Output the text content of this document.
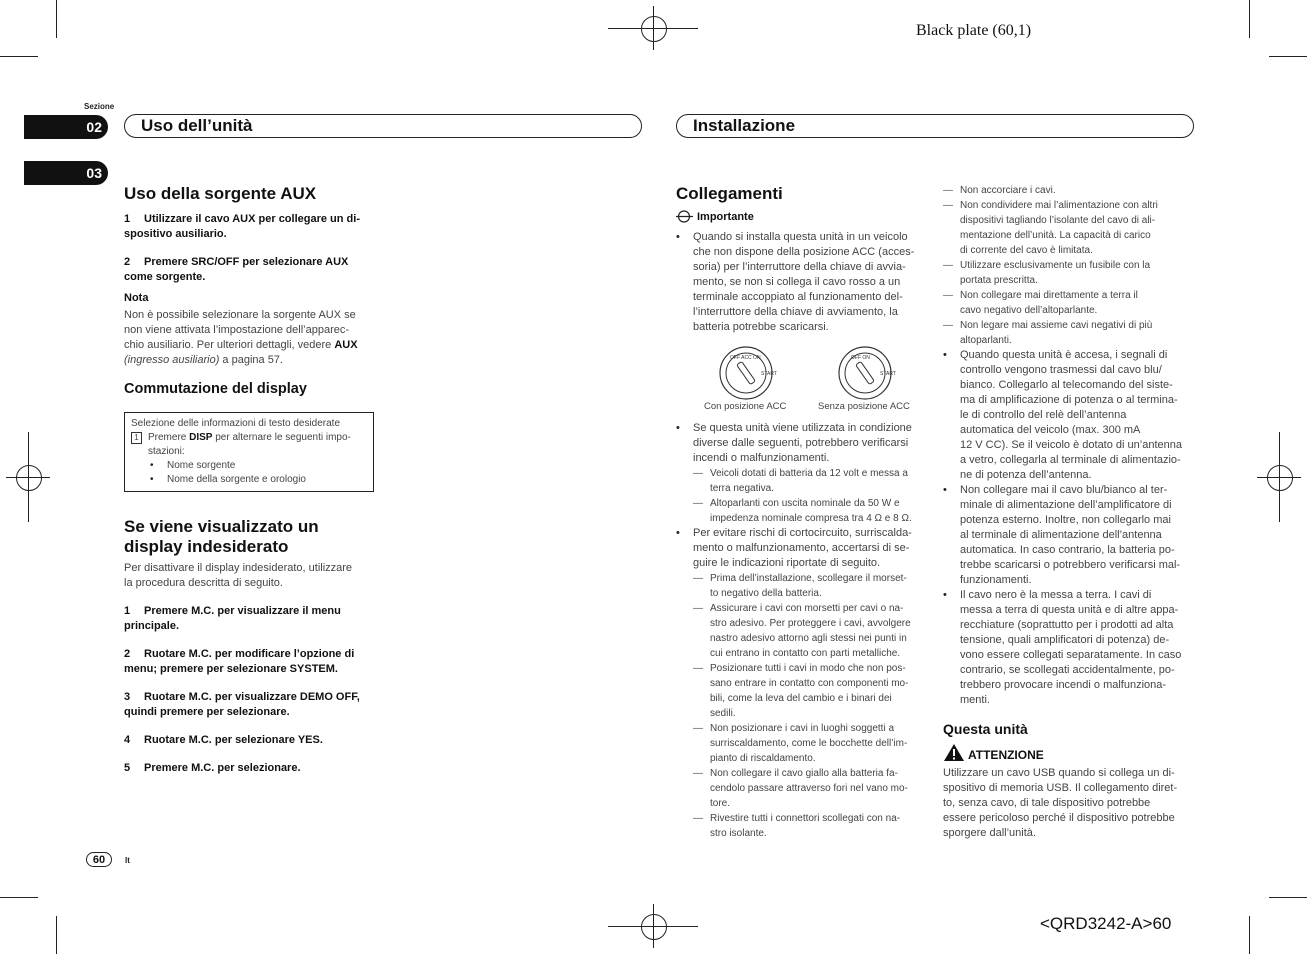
Black plate (60,1)
<QRD3242-A>60
Sezione
02
03
Uso dell’unità	Installazione
Uso della sorgente AUX
1 Utilizzare il cavo AUX per collegare un di-
spositivo ausiliario.
2 Premere SRC/OFF per selezionare AUX
come sorgente.
Nota
Non è possibile selezionare la sorgente AUX se
non viene attivata l’impostazione dell’apparec-
chio ausiliario. Per ulteriori dettagli, vedere AUX
(ingresso ausiliario) a pagina 57.
Commutazione del display
Selezione delle informazioni di testo desiderate
1 Premere DISP per alternare le seguenti impo-
stazioni:
• Nome sorgente
• Nome della sorgente e orologio
Se viene visualizzato un
display indesiderato
Per disattivare il display indesiderato, utilizzare
la procedura descritta di seguito.
1 Premere M.C. per visualizzare il menu
principale.
2 Ruotare M.C. per modificare l’opzione di
menu; premere per selezionare SYSTEM.
3 Ruotare M.C. per visualizzare DEMO OFF,
quindi premere per selezionare.
4 Ruotare M.C. per selezionare YES.
5 Premere M.C. per selezionare.
60	It
Collegamenti
Importante
• Quando si installa questa unità in un veicolo
che non dispone della posizione ACC (acces-
soria) per l’interruttore della chiave di avvia-
mento, se non si collega il cavo rosso a un
terminale accoppiato al funzionamento del-
l’interruttore della chiave di avviamento, la
batteria potrebbe scaricarsi.
OFF ACC ON
START
OFF ON
START
Con posizione ACC	Senza posizione ACC
• Se questa unità viene utilizzata in condizione
diverse dalle seguenti, potrebbero verificarsi
incendi o malfunzionamenti.
— Veicoli dotati di batteria da 12 volt e messa a
terra negativa.
— Altoparlanti con uscita nominale da 50 W e
impedenza nominale compresa tra 4 Ω e 8 Ω.
• Per evitare rischi di cortocircuito, surriscalda-
mento o malfunzionamento, accertarsi di se-
guire le indicazioni riportate di seguito.
— Prima dell’installazione, scollegare il morset-
to negativo della batteria.
— Assicurare i cavi con morsetti per cavi o na-
stro adesivo. Per proteggere i cavi, avvolgere
nastro adesivo attorno agli stessi nei punti in
cui entrano in contatto con parti metalliche.
— Posizionare tutti i cavi in modo che non pos-
sano entrare in contatto con componenti mo-
bili, come la leva del cambio e i binari dei
sedili.
— Non posizionare i cavi in luoghi soggetti a
surriscaldamento, come le bocchette dell’im-
pianto di riscaldamento.
— Non collegare il cavo giallo alla batteria fa-
cendolo passare attraverso fori nel vano mo-
tore.
— Rivestire tutti i connettori scollegati con na-
stro isolante.
— Non accorciare i cavi.
— Non condividere mai l’alimentazione con altri
dispositivi tagliando l’isolante del cavo di ali-
mentazione dell’unità. La capacità di carico
di corrente del cavo è limitata.
— Utilizzare esclusivamente un fusibile con la
portata prescritta.
— Non collegare mai direttamente a terra il
cavo negativo dell’altoparlante.
— Non legare mai assieme cavi negativi di più
altoparlanti.
• Quando questa unità è accesa, i segnali di
controllo vengono trasmessi dal cavo blu/
bianco. Collegarlo al telecomando del siste-
ma di amplificazione di potenza o al termina-
le di controllo del relè dell’antenna
automatica del veicolo (max. 300 mA
12 V CC). Se il veicolo è dotato di un’antenna
a vetro, collegarla al terminale di alimentazio-
ne di potenza dell’antenna.
• Non collegare mai il cavo blu/bianco al ter-
minale di alimentazione dell’amplificatore di
potenza esterno. Inoltre, non collegarlo mai
al terminale di alimentazione dell’antenna
automatica. In caso contrario, la batteria po-
trebbe scaricarsi o potrebbero verificarsi mal-
funzionamenti.
• Il cavo nero è la messa a terra. I cavi di
messa a terra di questa unità e di altre appa-
recchiature (soprattutto per i prodotti ad alta
tensione, quali amplificatori di potenza) de-
vono essere collegati separatamente. In caso
contrario, se scollegati accidentalmente, po-
trebbero provocare incendi o malfunziona-
menti.
Questa unità
ATTENZIONE
Utilizzare un cavo USB quando si collega un di-
spositivo di memoria USB. Il collegamento diret-
to, senza cavo, di tale dispositivo potrebbe
essere pericoloso perché il dispositivo potrebbe
sporgere dall’unità.
